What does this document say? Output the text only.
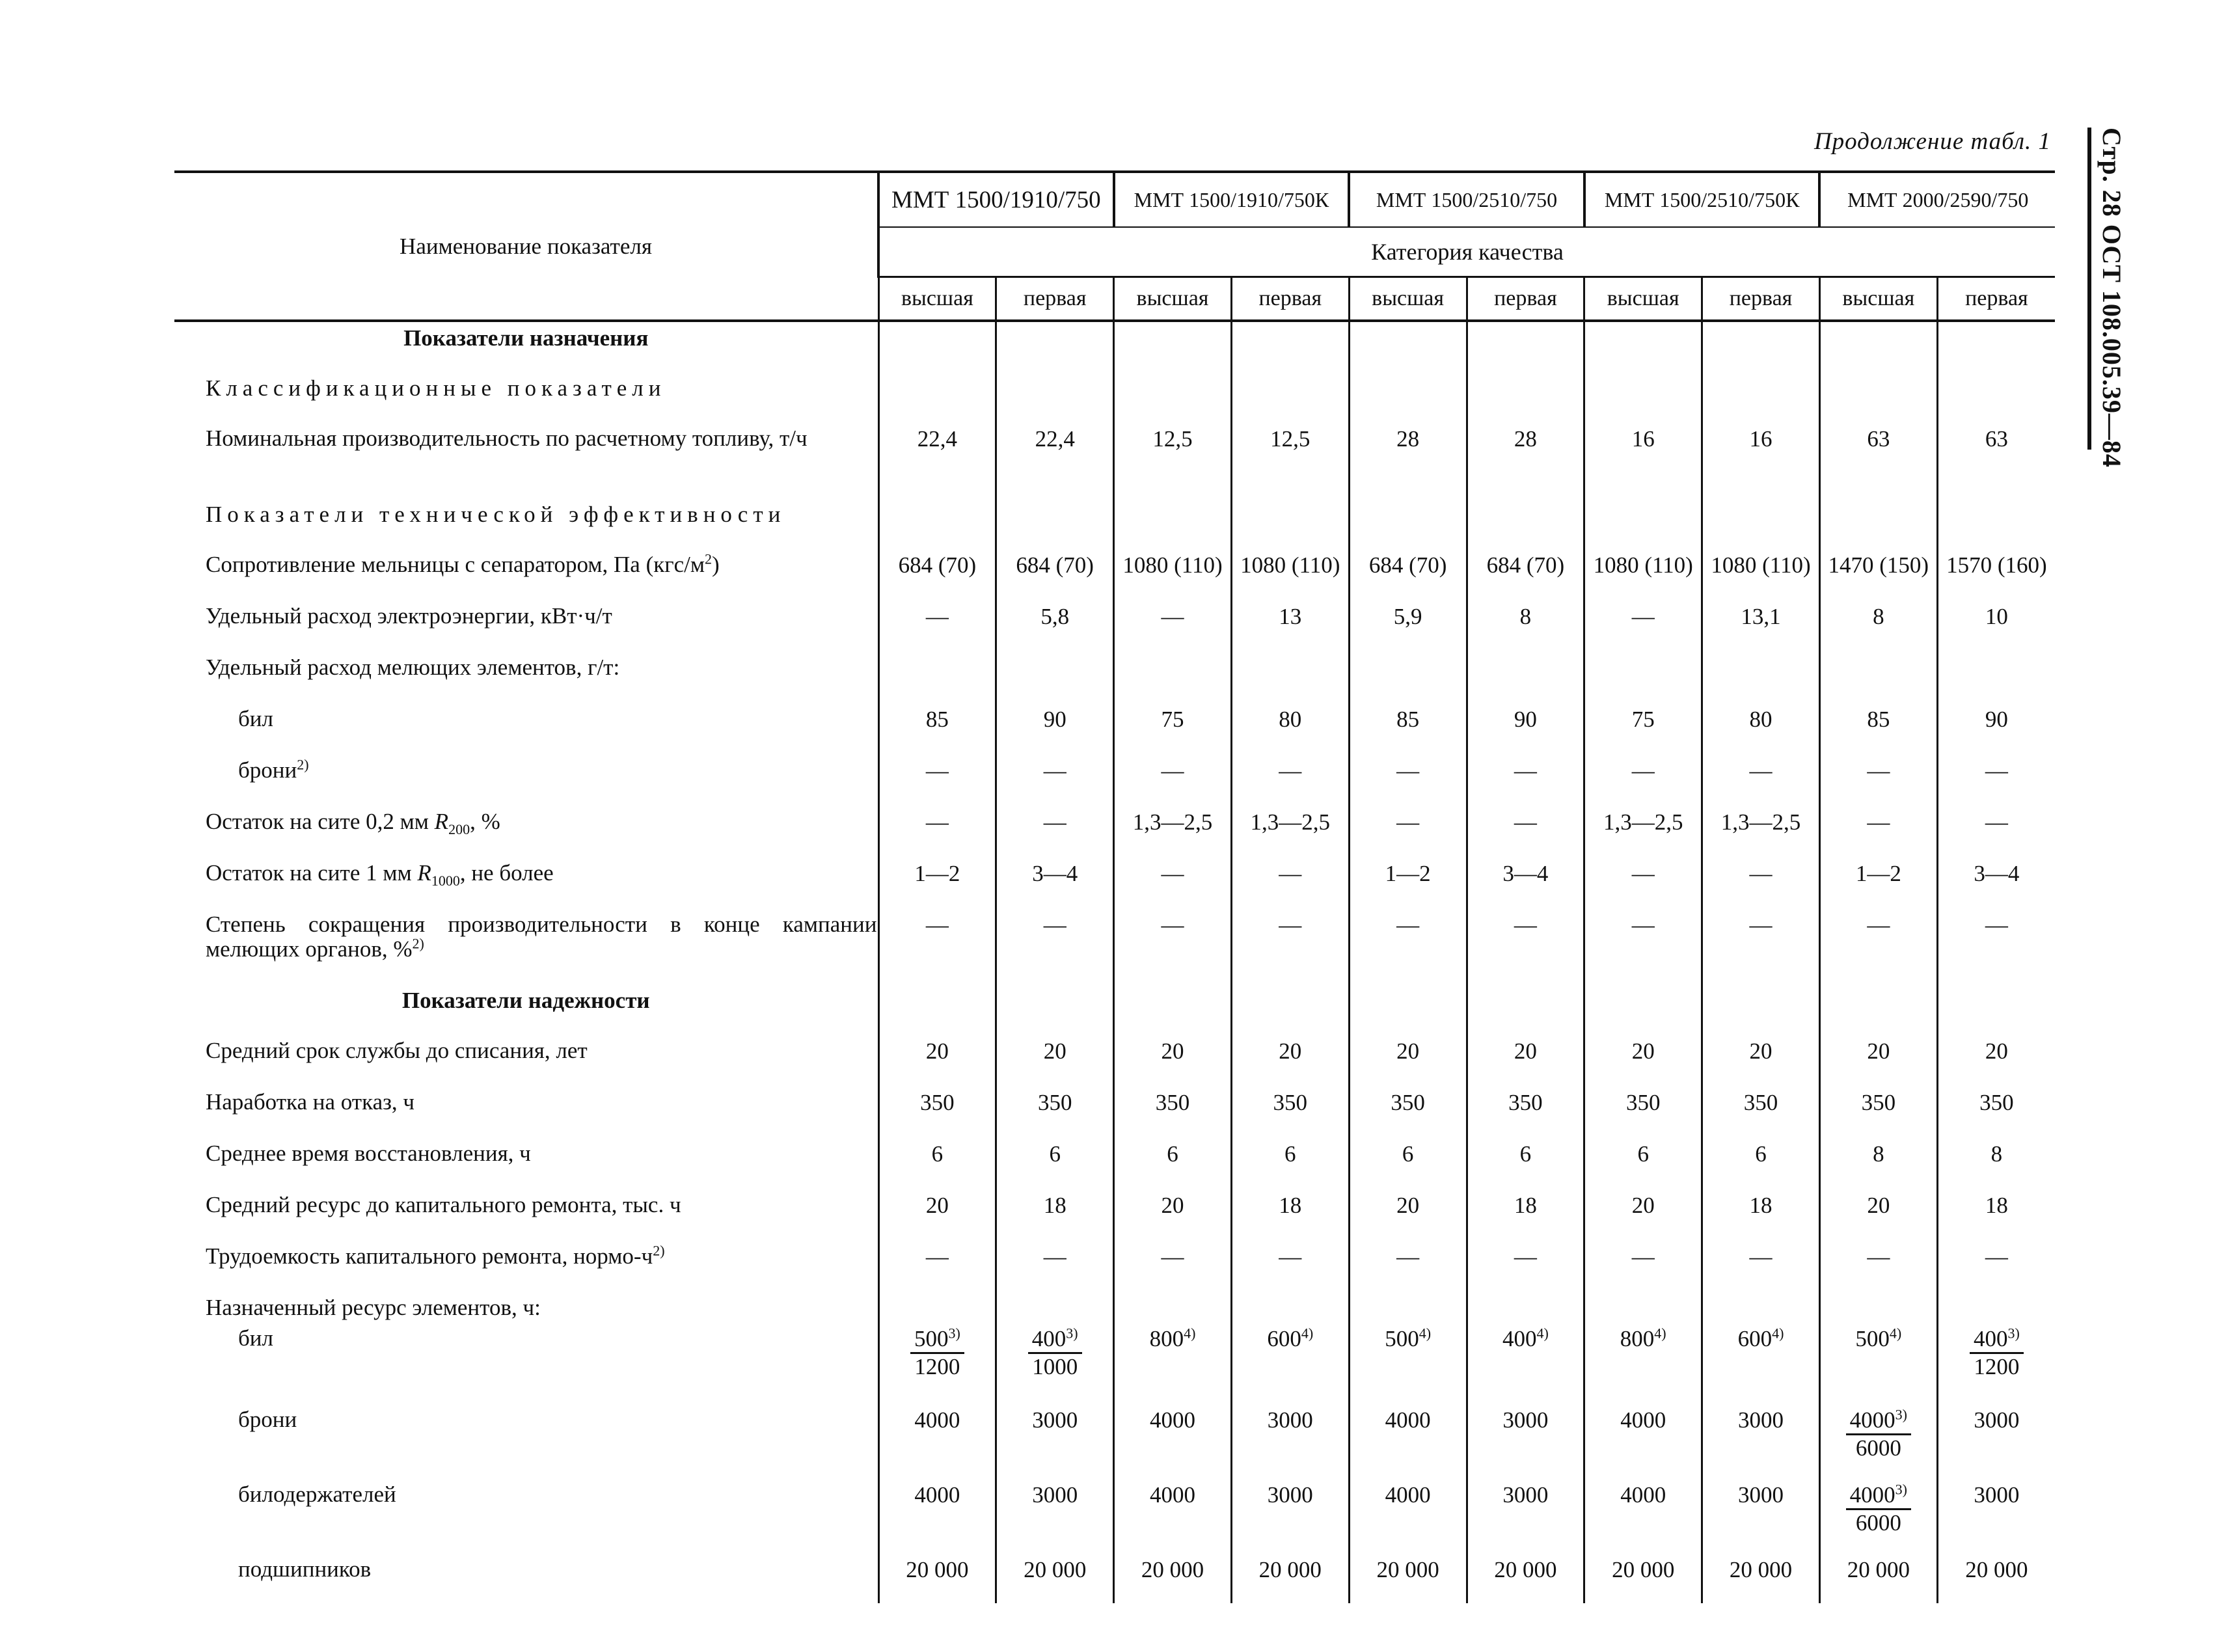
Продолжение табл. 1 Стр. 28 ОСТ 108.005.39—84
Наименование показателя	ММТ 1500/1910/750		ММТ 1500/1910/750К		ММТ 1500/2510/750		ММТ 1500/2510/750К		ММТ 2000/2590/750	
	Категория качества									
	высшая	первая	высшая	первая	высшая	первая	высшая	первая	высшая	первая
Показатели назначения										
Классификационные показатели										
Номинальная производительность по расчетному топливу, т/ч	22,4	22,4	12,5	12,5	28	28	16	16	63	63
Показатели технической эффективности										
Сопротивление мельницы с сепаратором, Па $(кгс/м^2)$	684 (70)	684 (70)	1080 (110)	1080 (110)	684 (70)	684 (70)	1080 (110)	1080 (110)	1470 (150)	1570 (160)
Удельный расход электроэнергии, кВт·ч/т	—	5,8	—	13	5,9	8	—	13,1	8	10
Удельный расход мелющих элементов, г/т:										
бил	85	90	75	80	85	90	75	80	85	90
брони$^{2)}$	—	—	—	—	—	—	—	—	—	—
Остаток на сите 0,2 мм $R_{200}$, %	—	—	1,3—2,5	1,3—2,5	—	—	1,3—2,5	1,3—2,5	—	—
Остаток на сите 1 мм $R_{1000}$, не более	1—2	3—4	—	—	1—2	3—4	—	—	1—2	3—4
Степень сокращения производительности в конце кампании мелющих органов, %$^{2)}$	—	—	—	—	—	—	—	—	—	—
Показатели надежности										
Средний срок службы до списания, лет	20	20	20	20	20	20	20	20	20	20
Наработка на отказ, ч	350	350	350	350	350	350	350	350	350	350
Среднее время восстановления, ч	6	6	6	6	6	6	6	6	8	8
Средний ресурс до капитального ремонта, тыс. ч	20	18	20	18	20	18	20	18	20	18
Трудоемкость капитального ремонта, нормо-$ч^{2)}$	—	—	—	—	—	—	—	—	—	—
Назначенный ресурс элементов, ч:										
бил	$\frac{500^{3)}}{1200}$	$\frac{400^{3)}}{1000}$	800$^{4)}$	600$^{4)}$	500$^{4)}$	400$^{4)}$	800$^{4)}$	600$^{4)}$	500$^{4)}$	$\frac{400^{3)}}{1200}$

брони	4000	3000	4000	3000	4000	3000	4000	3000	$\frac{4000^{3)}}{6000}$	3000
билодержателей	4000	3000	4000	3000	4000	3000	4000	3000	$\frac{4000^{3)}}{6000}$	3000
подшипников	20 000	20 000	20 000	20 000	20 000	20 000	20 000	20 000	20 000	20 000
